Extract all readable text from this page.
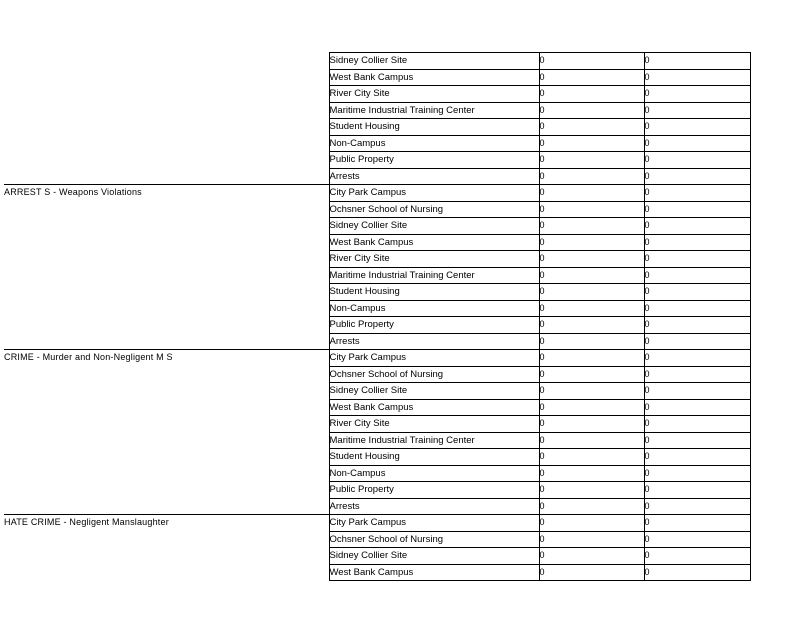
	Sidney Collier Site	0	0
	West Bank Campus	0	0
	River City Site	0	0
	Maritime Industrial Training Center	0	0
	Student Housing	0	0
	Non-Campus	0	0
	Public Property	0	0
	Arrests	0	0
ARREST S - Weapons Violations	City Park Campus	0	0
	Ochsner School of Nursing	0	0
	Sidney Collier Site	0	0
	West Bank Campus	0	0
	River City Site	0	0
	Maritime Industrial Training Center	0	0
	Student Housing	0	0
	Non-Campus	0	0
	Public Property	0	0
	Arrests	0	0
CRIME - Murder and Non-Negligent M S	City Park Campus	0	0
	Ochsner School of Nursing	0	0
	Sidney Collier Site	0	0
	West Bank Campus	0	0
	River City Site	0	0
	Maritime Industrial Training Center	0	0
	Student Housing	0	0
	Non-Campus	0	0
	Public Property	0	0
	Arrests	0	0
HATE CRIME - Negligent Manslaughter	City Park Campus	0	0
	Ochsner School of Nursing	0	0
	Sidney Collier Site	0	0
	West Bank Campus	0	0
